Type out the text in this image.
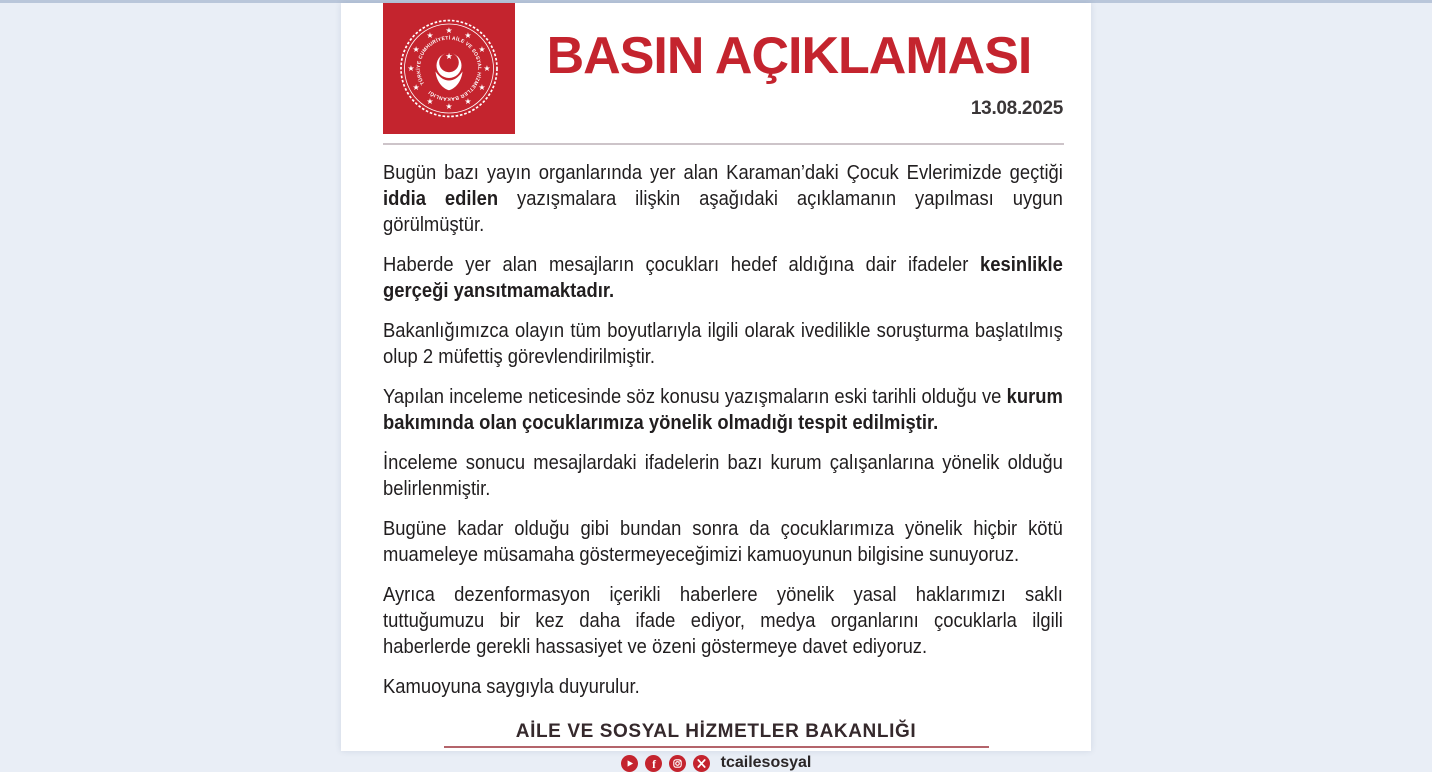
★
★
★
★
★
★
★
★
★
★
★
★
TÜRKİYE CUMHURİYETİ AİLE VE SOSYAL HİZMETLER BAKANLIĞI
★ BASIN AÇIKLAMASI
13.08.2025

Bugün bazı yayın organlarında yer alan Karaman’daki Çocuk Evlerimizde geçtiği iddia edilen yazışmalara ilişkin aşağıdaki açıklamanın yapılması uygun görülmüştür.

Haberde yer alan mesajların çocukları hedef aldığına dair ifadeler kesinlikle gerçeği yansıtmamaktadır.

Bakanlığımızca olayın tüm boyutlarıyla ilgili olarak ivedilikle soruşturma başlatılmış olup 2 müfettiş görevlendirilmiştir.

Yapılan inceleme neticesinde söz konusu yazışmaların eski tarihli olduğu ve kurum bakımında olan çocuklarımıza yönelik olmadığı tespit edilmiştir.

İnceleme sonucu mesajlardaki ifadelerin bazı kurum çalışanlarına yönelik olduğu belirlenmiştir.

Bugüne kadar olduğu gibi bundan sonra da çocuklarımıza yönelik hiçbir kötü muameleye müsamaha göstermeyeceğimizi kamuoyunun bilgisine sunuyoruz.

Ayrıca dezenformasyon içerikli haberlere yönelik yasal haklarımızı saklı tuttuğumuzu bir kez daha ifade ediyor, medya organlarını çocuklarla ilgili haberlerde gerekli hassasiyet ve özeni göstermeye davet ediyoruz.

Kamuoyuna saygıyla duyurulur.

AİLE VE SOSYAL HİZMETLER BAKANLIĞI
f	tcailesosyal
